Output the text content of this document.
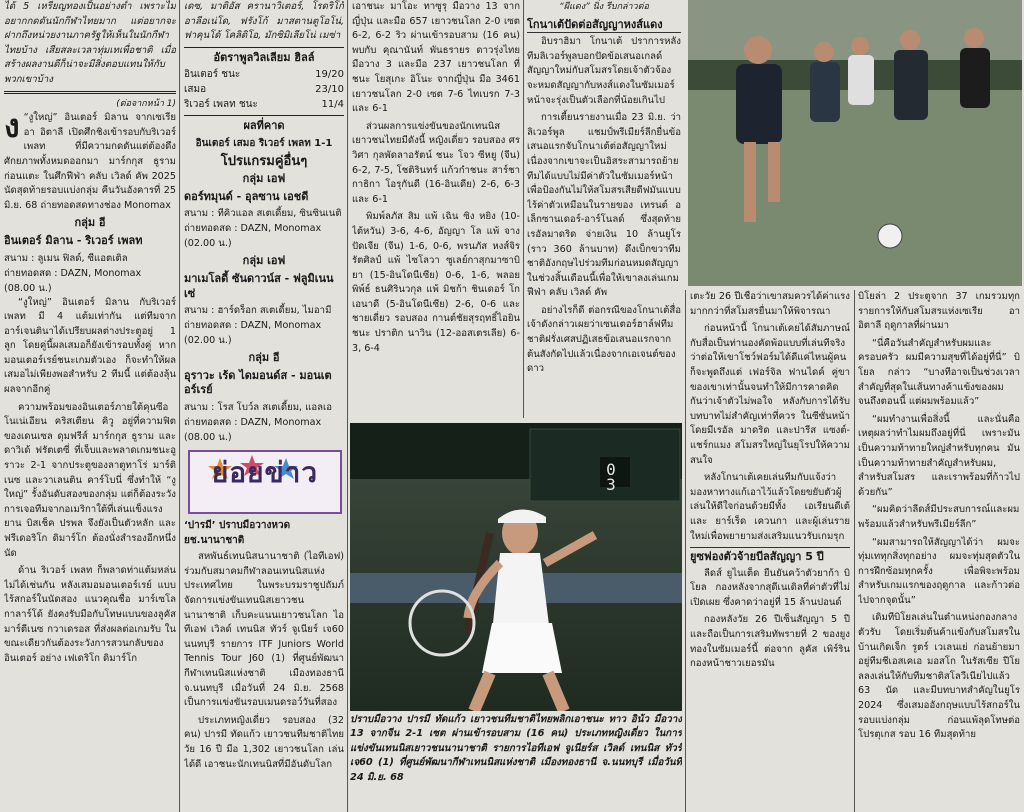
ได้ 5 เหรียญทองเป็นอย่างต่ำ เพราะไม่อยากกดดันนักกีฬาไทยมาก แต่อยากจะฝากถึงหน่วยงานภาครัฐให้เห็นในนักกีฬาไทยบ้าง เสียสละเวลาทุ่มเทเพื่อชาติ เมื่อสร้างผลงานดีก็น่าจะมีสิ่งตอบแทนให้กับพวกเขาบ้าง

(ต่อจากหน้า 1)

ง “งูใหญ่” อินเตอร์ มิลาน จากเซเรีย อา อิตาลี เปิดศึกชิงเข้ารอบกับริเวอร์ เพลท ที่มีความกดดันแต่ต้องดึงศักยภาพทั้งหมดออกมา มาร์กกุส ธูราม ก่อนแตะ ในศึกฟีฟ่า คลับ เวิลด์ คัพ 2025 นัดสุดท้ายรอบแบ่งกลุ่ม คืนวันอังคารที่ 25 มิ.ย. 68 ถ่ายทอดสดทางช่อง Monomax

กลุ่ม อี
อินเตอร์ มิลาน - ริเวอร์ เพลท
สนาม : ลูเมน ฟิลด์, ซีแอตเติล
ถ่ายทอดสด : DAZN, Monomax
(08.00 น.)

“งูใหญ่” อินเตอร์ มิลาน กับริเวอร์ เพลท มี 4 แต้มเท่ากัน แต่ทีมจากอาร์เจนตินาได้เปรียบผลต่างประตูอยู่ 1 ลูก โดยคู่นี้ผลเสมอก็ยังเข้ารอบทั้งคู่ หากมอนเตอร์เรย์ชนะเกมตัวเอง ก็จะทำให้ผลเสมอไม่เพียงพอสำหรับ 2 ทีมนี้ แต่ต้องลุ้นผลจากอีกคู่

ความพร้อมของอินเตอร์ภายใต้คุนซีอโนเน่เอียน คริสเตียน คิวู อยู่ที่ความฟิตของเดนเซล ดุมฟรีส์ มาร์กกุส ธูราม และดาวิเด้ ฟรัตเตซี่ ที่เจ็บและพลาดเกมชนะอูราวะ 2-1 จากประตูของลาตูทาโร่ มาร์ติเนซ และวาเลนติน คาร์โบนี่ ซึ่งทำให้ “งูใหญ่” รั้งอันดับสองของกลุ่ม แต่ก็ต้องระวังการเจอทีมจากอเมริกาใต้ที่เล่นแข็งแรง ยาน บิสเช็ค ปรพล จึงยังเป็นตัวหลัก และ ฟรีเดอริโก ดิมาร์โก ต้องนั่งสำรองอีกหนึ่งนัด

ด้าน ริเวอร์ เพลท ก็พลาดท่าแต้มหล่นไม่ได้เช่นกัน หลังเสมอมอนเตอร์เรย์ แบบไร้สกอร์ในนัดสอง แนวคุณชื่อ มาร์เซโล กาลาร์โด้ ยังคงรับมือกับโทษแบนของลูคัส มาร์ตีเนซ กวาเดรอส ที่ส่งผลต่อเกมรับ ในขณะเดียวกันต้องระวังการสวนกลับของ อินเตอร์ อย่าง เฟเดริโก ดิมาร์โก

เดซ, มาติอัส ครานาวิเตอร์, โรดริโก้ อาลีอเน่โด, ฟรังโก้ มาสตานตูโอโน่, ฟาคุนโด้ โคลิดิโอ, มักซิมิเลียโน่ เมซ่า

อัตราพูลวิลเลียม ฮิลล์
อินเตอร์ ชนะ	19/20
เสมอ	23/10
ริเวอร์ เพลท ชนะ	11/4
ผลที่คาด
อินเตอร์ เสมอ ริเวอร์ เพลท 1-1
โปรแกรมคู่อื่นๆ
กลุ่ม เอฟ
ดอร์ทมุนด์ - อุลซาน เอชดี
สนาม : ทีคิวแอล สเตเดี้ยม, ซินซินเนติ
ถ่ายทอดสด : DAZN, Monomax
(02.00 น.)
กลุ่ม เอฟ
มาเมโลดี้ ซันดาวน์ส - ฟลูมิเนนเซ่
สนาม : ฮาร์ดร็อก สเตเดี้ยม, ไมอามี
ถ่ายทอดสด : DAZN, Monomax
(02.00 น.)
กลุ่ม อี
อุราวะ เร้ด ไดมอนด์ส - มอนเตอร์เรย์
สนาม : โรส โบว์ล สเตเดี้ยม, แอลเอ
ถ่ายทอดสด : DAZN, Monomax
(08.00 น.)
ย่อยข่าว
‘ปารมี’ ปราบมือวางหวดยช.นานาชาติ

สหพันธ์เทนนิสนานาชาติ (ไอทีเอฟ) ร่วมกับสมาคมกีฬาลอนเทนนิสแห่งประเทศไทย ในพระบรมราชูปถัมภ์ จัดการแข่งขันเทนนิสเยาวชนนานาชาติ เก็บคะแนนเยาวชนโลก ไอทีเอฟ เวิลด์ เทนนิส ทัวร์ จูเนียร์ เจ60 นนทบุรี รายการ ITF Juniors World Tennis Tour J60 (1) ที่ศูนย์พัฒนากีฬาเทนนิสแห่งชาติ เมืองทองธานี จ.นนทบุรี เมื่อวันที่ 24 มิ.ย. 2568 เป็นการแข่งขันรอบเมนดรอว์วันที่สอง

ประเภทหญิงเดี่ยว รอบสอง (32 คน) ปารมี ทัดแก้ว เยาวชนทีมชาติไทย วัย 16 ปี มือ 1,302 เยาวชนโลก เล่นได้ดี เอาชนะนักเทนนิสที่มีอันดับโลก

เอาชนะ มาโอะ ทาซูรุ มือวาง 13 จากญี่ปุ่น และมือ 657 เยาวชนโลก 2-0 เซต 6-2, 6-2 ริว ผ่านเข้ารอบสาม (16 คน) พบกับ คุณานันท์ พันธรายร ดาวรุ่งไทย มือวาง 3 และมือ 237 เยาวชนโลก ที่ชนะ โยสุเกะ อิโนะ จากญี่ปุ่น มือ 3461 เยาวชนโลก 2-0 เซต 7-6 ไทเบรก 7-3 และ 6-1

ส่วนผลการแข่งขันของนักเทนนิสเยาวชนไทยมีดังนี้ หญิงเดี่ยว รอบสอง ศรวิศา กุลพัดลาอรัตน์ ชนะ โจว ซีหยู (จีน) 6-2, 7-5, โชติรินทร์ แก้วกำชนะ สาร์ชา กาธิกา โอรุกันดี (16-อินเดีย) 2-6, 6-3 และ 6-1

พิมพ์ลภัส สิม แพ้ เฉิน ซิง หยิง (10-ไต้หวัน) 3-6, 4-6, อัญญา โล แพ้ จาง ปัดเจีย (จีน) 1-6, 0-6, พรนภัส หงส์จิรรัตศิลป์ แพ้ ไซโลวา ซูเลย์กาสุกมาซาบิยา (15-อินโดนีเซีย) 0-6, 1-6, พลอยพิพ์ธ์ ธนศิรินวกุล แพ้ มิชก้า ชินเดอร์ โกเอนาดี (5-อินโดนีเซีย) 2-6, 0-6 และชายเดี่ยว รอบสอง กานต์ชัยสุรฤทธิ์ไอยิน ชนะ ปราติก นาวิน (12-ออสเตรเลีย) 6-3, 6-4

“ผีแดง” นิ่ง รีบกล่าวต่อ
โกนาเต้ปัดต่อสัญญาหงส์แดง

อิบราฮิมา โกนาเต้ ปราการหลังทีมลิเวอร์พูลบอกปัดข้อเสนอเกลด์สัญญาใหม่กับสโมสรโดยเจ้าตัวจ้องจะหมดสัญญากับหงส์แดงในซัมเมอร์หน้าจะรุ่งเป็นตัวเลือกที่น้อยเกินไป

การเตี้ยนรายงานเมื่อ 23 มิ.ย. ว่า ลิเวอร์พูล แชมป์พรีเมียร์ลีกยื่นข้อเสนอแรกจับโกนาเต้ต่อสัญญาใหม่เนื่องจากเขาจะเป็นอิสระสามารถย้ายทีมได้แบบไม่มีค่าตัวในซัมเมอร์หน้าเพื่อป้องกันไม่ให้สโมสรเสียดีฟมันแบบไร้ค่าตัวเหมือนในรายของ เทรนต์ อเล็กซานเดอร์-อาร์โนลด์ ซึ่งสุดท้ายเรอัลมาดริด จ่ายเงิน 10 ล้านยูโร (ราว 360 ล้านบาท) ดึงเบ็กขวาทีมชาติอังกฤษไปร่วมทีมก่อนหมดสัญญาในช่วงสิ้นเดือนนี้เพื่อให้เขาลงเล่นเกมฟีฟ่า คลับ เวิลด์ คัพ

อย่างไรก็ดี ต่อกรณีของโกนาเต้สื่อเจ้าดังกล่าวเผยว่าเซนเตอร์ฮาล์ฟทีมชาติฝรั่งเศสปฏิเสธข้อเสนอแรกจากต้นสังกัดไปแล้วเนื่องจากเอเจนต์ของดาว

0
3
ปราบมือวาง ปารมี ทัดแก้ว เยาวชนทีมชาติไทยพลิกเอาชนะ ทาว อิน้ว มือวาง 13 จากจีน 2-1 เซต ผ่านเข้ารอบสาม (16 คน) ประเภทหญิงเดี่ยว ในการแข่งขันเทนนิสเยาวชนนานาชาติ รายการไอทีเอฟ จูเนียร์ส เวิลด์ เทนนิส ทัวร์ เจ60 (1) ที่ศูนย์พัฒนากีฬาเทนนิสแห่งชาติ เมืองทองธานี จ.นนทบุรี เมื่อวันที่ 24 มิ.ย. 68

เตะวัย 26 ปีเชื่อว่าเขาสมควรได้ค่าแรงมากกว่าที่สโมสรยื่นมาให้พิจารณา

ก่อนหน้านี้ โกนาเต้เคยได้สัมภาษณ์กับสื่อเป็นท่านองคัดพ้อแบบที่เล่นทีจริงว่าต่อให้เขาโชว์ฟอร์มได้ดีแค่ไหนผู้คนก็จะพูดถึงแต่ เฟอร์จิล ฟานไดค์ คู่ขาของเขาเท่านั้นจนทำให้มีการคาดคิดกันว่าเจ้าตัวไม่พอใจ หลังกับการได้รับบทบาทไม่สำคัญเท่าที่ควร ในซีซั่นหน้าโดยมีเรอัล มาดริด และปารีส แซงต์-แชร์กแมง สโมสรใหญ่ในยุโรปให้ความสนใจ

หลังโกนาเต้เคยเล่นทีมกับแจ้งว่ามองหาทางแก้เอาไว้แล้วโดยขยับตัวผู้เล่นให้ดีใจก่อนด้วยมีทั้ง เอเรียนดีเต้ และ ยาร์เร็ด เควนกา และผู้เล่นรายใหม่เพื่อพยายามส่งเสริมแนวรับเกมรุก

ยูซฟองตัวจ้ายบีลสัญญา 5 ปี

ลีดส์ ยูไนเต็ด ยืนยันคว้าตัวยาก้า บิโยล กองหลังจากสุดีเนเดิลที่ค่าตัวที่ไม่เปิดเผย ซึ่งคาดว่าอยู่ที่ 15 ล้านปอนด์

กองหลังวัย 26 ปีเซ็นสัญญา 5 ปีและถือเป็นการเสริมทัพรายที่ 2 ของยูงทองในซัมเมอร์นี้ ต่อจาก ลูคัส เพิร์ริน กองหน้าชาวเยอรมัน

บิโยล่า 2 ประตูจาก 37 เกมรวมทุกรายการให้กับสโมสรแห่งเซเรีย อา อิตาลี ฤดูกาลที่ผ่านมา

“นี่คือวันสำคัญสำหรับผมและครอบครัว ผมมีความสุขที่ได้อยู่ที่นี่” บิโยล กล่าว “บางทีอาจเป็นช่วงเวลาสำคัญที่สุดในเส้นทางค้าแข้งของผมจนถึงตอนนี้ แต่ผมพร้อมแล้ว”

“ผมทำงานเพื่อสิ่งนี้ และนั่นคือเหตุผลว่าทำไมผมถึงอยู่ที่นี่ เพราะมันเป็นความท้าทายใหญ่สำหรับทุกคน มันเป็นความท้าทายสำคัญสำหรับผม, สำหรับสโมสร และเราพร้อมที่ก้าวไปด้วยกัน”

“ผมคิดว่าลีดส์มีประสบการณ์และผมพร้อมแล้วสำหรับพรีเมียร์ลีก”

“ผมสามารถให้สัญญาได้ว่า ผมจะทุ่มเททุกสิ่งทุกอย่าง ผมจะทุ่มสุดตัวในการฝึกซ้อมทุกครั้ง เพื่อพิจะพร้อมสำหรับเกมแรกของฤดูกาล และก้าวต่อไปจากจุดนั้น”

เดิมทีบิโยลเล่นในตำแหน่งกองกลางตัวรับ โดยเริ่มต้นค้าแข้งกับสโมสรในบ้านเกิดเจ็ก รูตร์ เวเลนเย่ ก่อนย้ายมาอยู่ทีมชีเอสเคเอ มอสโก ในรัสเซีย ปีโยลลงเล่นให้กับทีมชาติสโลวีเนียไปแล้ว 63 นัด และมีบทบาทสำคัญในยูโร 2024 ซึ่งเสมออังกฤษแบบไร้สกอร์ในรอบแบ่งกลุ่ม ก่อนแพ้ลุดโทษต่อโปรตุเกส รอบ 16 ทีมสุดท้าย
